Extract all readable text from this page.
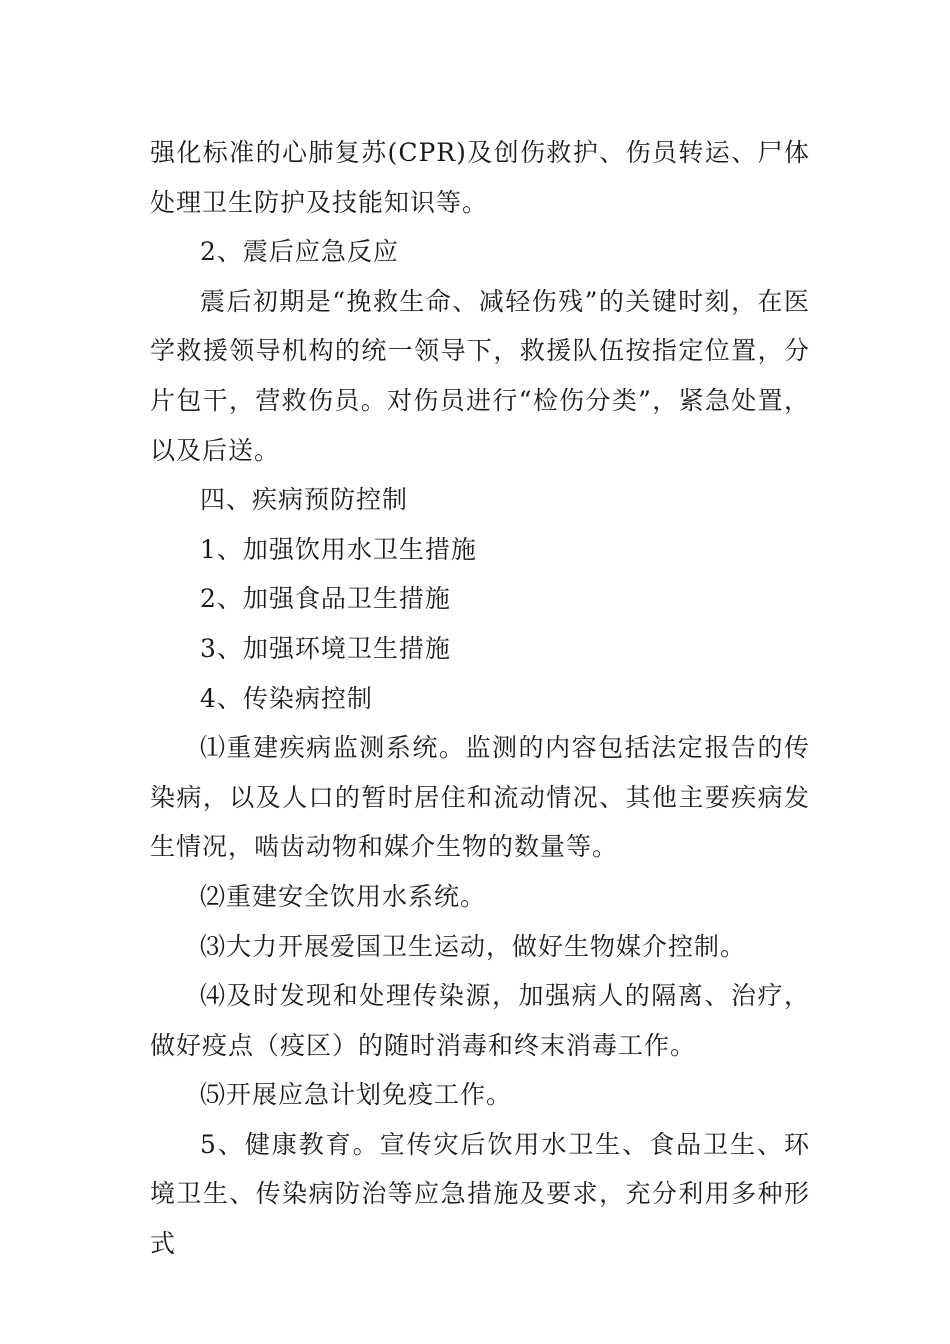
强化标准的心肺复苏(CPR)及创伤救护、伤员转运、尸体处理卫生防护及技能知识等。

2、震后应急反应

震后初期是“挽救生命、减轻伤残”的关键时刻，在医学救援领导机构的统一领导下，救援队伍按指定位置，分片包干，营救伤员。对伤员进行“检伤分类”，紧急处置，以及后送。

四、疾病预防控制

1、加强饮用水卫生措施

2、加强食品卫生措施

3、加强环境卫生措施

4、传染病控制

⑴重建疾病监测系统。监测的内容包括法定报告的传染病，以及人口的暂时居住和流动情况、其他主要疾病发生情况，啮齿动物和媒介生物的数量等。

⑵重建安全饮用水系统。

⑶大力开展爱国卫生运动，做好生物媒介控制。

⑷及时发现和处理传染源，加强病人的隔离、治疗，做好疫点（疫区）的随时消毒和终末消毒工作。

⑸开展应急计划免疫工作。

5、健康教育。宣传灾后饮用水卫生、食品卫生、环境卫生、传染病防治等应急措施及要求，充分利用多种形式
